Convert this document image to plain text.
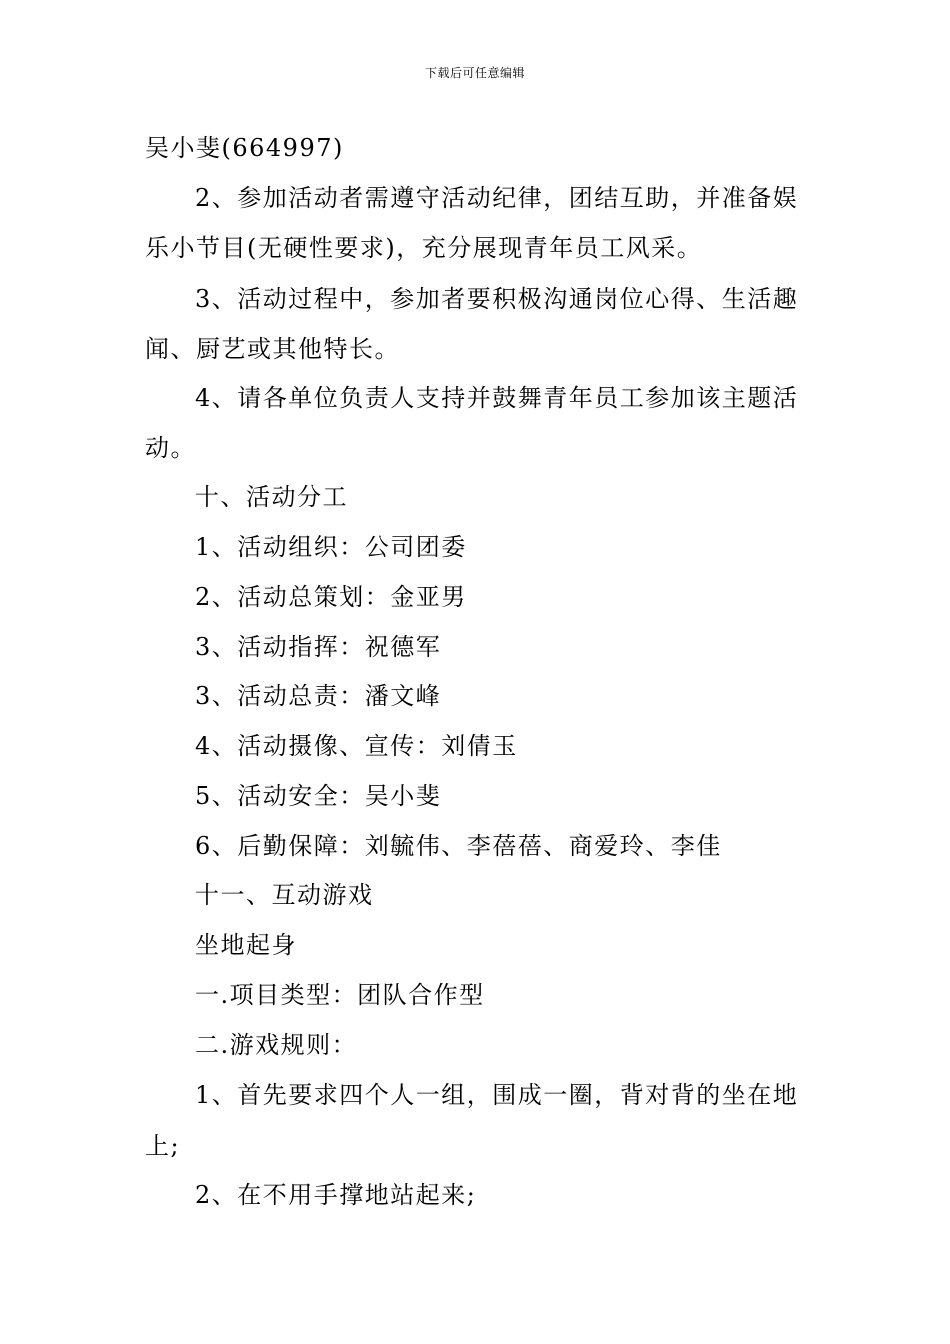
下载后可任意编辑
吴小斐(664997)
2、参加活动者需遵守活动纪律，团结互助，并准备娱
乐小节目(无硬性要求)，充分展现青年员工风采。
3、活动过程中，参加者要积极沟通岗位心得、生活趣
闻、厨艺或其他特长。
4、请各单位负责人支持并鼓舞青年员工参加该主题活
动。
十、活动分工
1、活动组织：公司团委
2、活动总策划：金亚男
3、活动指挥：祝德军
3、活动总责：潘文峰
4、活动摄像、宣传：刘倩玉
5、活动安全：吴小斐
6、后勤保障：刘毓伟、李蓓蓓、商爱玲、李佳
十一、互动游戏
坐地起身
一.项目类型：团队合作型
二.游戏规则：
1、首先要求四个人一组，围成一圈，背对背的坐在地
上;
2、在不用手撑地站起来;
